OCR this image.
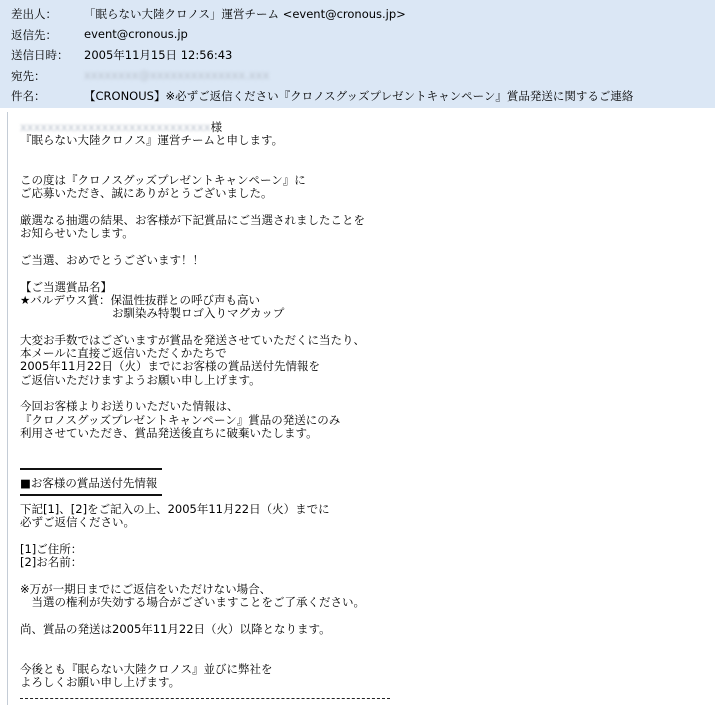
差出人： 「眠らない大陸クロノス」運営チーム <event@cronous.jp>
返信先： event@cronous.jp
送信日時： 2005年11月15日 12:56:43
宛先：	xxxxxxxx@xxxxxxxxxxxxxx.xxx
件名：	【CRONOUS】※必ずご返信ください『クロノスグッズプレゼントキャンペーン』賞品発送に関するご連絡
xxxxxxxxxxxxxxxxxxxxxxxxxxxx様
『眠らない大陸クロノス』運営チームと申します。
この度は『クロノスグッズプレゼントキャンペーン』に
ご応募いただき、誠にありがとうございました。
厳選なる抽選の結果、お客様が下記賞品にご当選されましたことを
お知らせいたします。
ご当選、おめでとうございます！！
【ご当選賞品名】
★バルデウス賞：保温性抜群との呼び声も高い
　　　　　　　　お馴染み特製ロゴ入りマグカップ
大変お手数ではございますが賞品を発送させていただくに当たり、
本メールに直接ご返信いただくかたちで
2005年11月22日（火）までにお客様の賞品送付先情報を
ご返信いただけますようお願い申し上げます。
今回お客様よりお送りいただいた情報は、
『クロノスグッズプレゼントキャンペーン』賞品の発送にのみ
利用させていただき、賞品発送後直ちに破棄いたします。
■お客様の賞品送付先情報
下記[1]、[2]をご記入の上、2005年11月22日（火）までに
必ずご返信ください。
[1]ご住所：
[2]お名前：
※万が一期日までにご返信をいただけない場合、
　当選の権利が失効する場合がございますことをご了承ください。
尚、賞品の発送は2005年11月22日（火）以降となります。
今後とも『眠らない大陸クロノス』並びに弊社を
よろしくお願い申し上げます。
